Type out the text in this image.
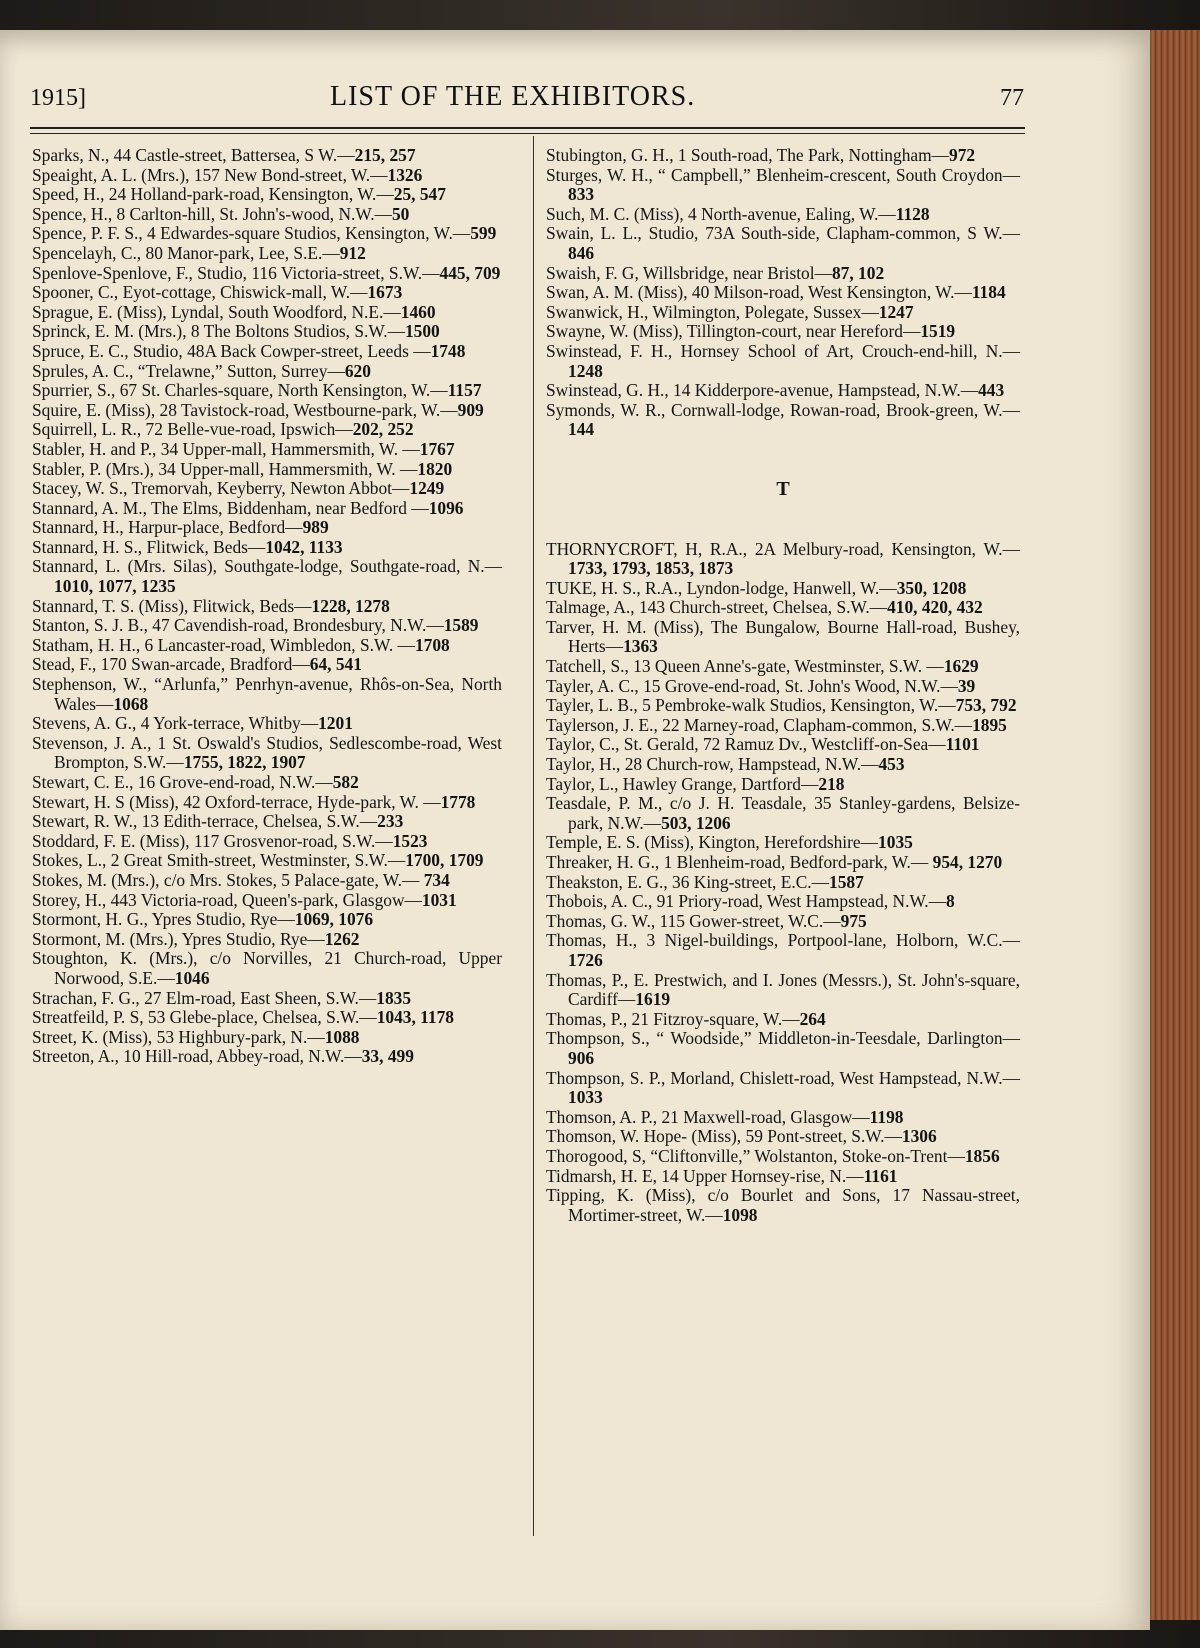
1915]	LIST OF THE EXHIBITORS.	77

Sparks, N., 44 Castle-street, Battersea, S W.—215, 257

Speaight, A. L. (Mrs.), 157 New Bond-street, W.—1326

Speed, H., 24 Holland-park-road, Kensington, W.—25, 547

Spence, H., 8 Carlton-hill, St. John's-wood, N.W.—50

Spence, P. F. S., 4 Edwardes-square Studios, Kensington, W.—599

Spencelayh, C., 80 Manor-park, Lee, S.E.—912

Spenlove-Spenlove, F., Studio, 116 Victoria-street, S.W.—445, 709

Spooner, C., Eyot-cottage, Chiswick-mall, W.—1673

Sprague, E. (Miss), Lyndal, South Woodford, N.E.—1460

Sprinck, E. M. (Mrs.), 8 The Boltons Studios, S.W.—1500

Spruce, E. C., Studio, 48A Back Cowper-street, Leeds —1748

Sprules, A. C., “Trelawne,” Sutton, Surrey—620

Spurrier, S., 67 St. Charles-square, North Kensington, W.—1157

Squire, E. (Miss), 28 Tavistock-road, Westbourne-park, W.—909

Squirrell, L. R., 72 Belle-vue-road, Ipswich—202, 252

Stabler, H. and P., 34 Upper-mall, Hammersmith, W. —1767

Stabler, P. (Mrs.), 34 Upper-mall, Hammersmith, W. —1820

Stacey, W. S., Tremorvah, Keyberry, Newton Abbot—1249

Stannard, A. M., The Elms, Biddenham, near Bedford —1096

Stannard, H., Harpur-place, Bedford—989

Stannard, H. S., Flitwick, Beds—1042, 1133

Stannard, L. (Mrs. Silas), Southgate-lodge, Southgate-road, N.—1010, 1077, 1235

Stannard, T. S. (Miss), Flitwick, Beds—1228, 1278

Stanton, S. J. B., 47 Cavendish-road, Brondesbury, N.W.—1589

Statham, H. H., 6 Lancaster-road, Wimbledon, S.W. —1708

Stead, F., 170 Swan-arcade, Bradford—64, 541

Stephenson, W., “Arlunfa,” Penrhyn-avenue, Rhôs-on-Sea, North Wales—1068

Stevens, A. G., 4 York-terrace, Whitby—1201

Stevenson, J. A., 1 St. Oswald's Studios, Sedlescombe-road, West Brompton, S.W.—1755, 1822, 1907

Stewart, C. E., 16 Grove-end-road, N.W.—582

Stewart, H. S (Miss), 42 Oxford-terrace, Hyde-park, W. —1778

Stewart, R. W., 13 Edith-terrace, Chelsea, S.W.—233

Stoddard, F. E. (Miss), 117 Grosvenor-road, S.W.—1523

Stokes, L., 2 Great Smith-street, Westminster, S.W.—1700, 1709

Stokes, M. (Mrs.), c/o Mrs. Stokes, 5 Palace-gate, W.— 734

Storey, H., 443 Victoria-road, Queen's-park, Glasgow—1031

Stormont, H. G., Ypres Studio, Rye—1069, 1076

Stormont, M. (Mrs.), Ypres Studio, Rye—1262

Stoughton, K. (Mrs.), c/o Norvilles, 21 Church-road, Upper Norwood, S.E.—1046

Strachan, F. G., 27 Elm-road, East Sheen, S.W.—1835

Streatfeild, P. S, 53 Glebe-place, Chelsea, S.W.—1043, 1178

Street, K. (Miss), 53 Highbury-park, N.—1088

Streeton, A., 10 Hill-road, Abbey-road, N.W.—33, 499

Stubington, G. H., 1 South-road, The Park, Nottingham—972

Sturges, W. H., “ Campbell,” Blenheim-crescent, South Croydon—833

Such, M. C. (Miss), 4 North-avenue, Ealing, W.—1128

Swain, L. L., Studio, 73A South-side, Clapham-common, S W.—846

Swaish, F. G, Willsbridge, near Bristol—87, 102

Swan, A. M. (Miss), 40 Milson-road, West Kensington, W.—1184

Swanwick, H., Wilmington, Polegate, Sussex—1247

Swayne, W. (Miss), Tillington-court, near Hereford—1519

Swinstead, F. H., Hornsey School of Art, Crouch-end-hill, N.—1248

Swinstead, G. H., 14 Kidderpore-avenue, Hampstead, N.W.—443

Symonds, W. R., Cornwall-lodge, Rowan-road, Brook-green, W.—144

T

THORNYCROFT, H, R.A., 2A Melbury-road, Kensington, W.—1733, 1793, 1853, 1873

TUKE, H. S., R.A., Lyndon-lodge, Hanwell, W.—350, 1208

Talmage, A., 143 Church-street, Chelsea, S.W.—410, 420, 432

Tarver, H. M. (Miss), The Bungalow, Bourne Hall-road, Bushey, Herts—1363

Tatchell, S., 13 Queen Anne's-gate, Westminster, S.W. —1629

Tayler, A. C., 15 Grove-end-road, St. John's Wood, N.W.—39

Tayler, L. B., 5 Pembroke-walk Studios, Kensington, W.—753, 792

Taylerson, J. E., 22 Marney-road, Clapham-common, S.W.—1895

Taylor, C., St. Gerald, 72 Ramuz Dv., Westcliff-on-Sea—1101

Taylor, H., 28 Church-row, Hampstead, N.W.—453

Taylor, L., Hawley Grange, Dartford—218

Teasdale, P. M., c/o J. H. Teasdale, 35 Stanley-gardens, Belsize-park, N.W.—503, 1206

Temple, E. S. (Miss), Kington, Herefordshire—1035

Threaker, H. G., 1 Blenheim-road, Bedford-park, W.— 954, 1270

Theakston, E. G., 36 King-street, E.C.—1587

Thobois, A. C., 91 Priory-road, West Hampstead, N.W.—8

Thomas, G. W., 115 Gower-street, W.C.—975

Thomas, H., 3 Nigel-buildings, Portpool-lane, Holborn, W.C.—1726

Thomas, P., E. Prestwich, and I. Jones (Messrs.), St. John's-square, Cardiff—1619

Thomas, P., 21 Fitzroy-square, W.—264

Thompson, S., “ Woodside,” Middleton-in-Teesdale, Darlington—906

Thompson, S. P., Morland, Chislett-road, West Hampstead, N.W.—1033

Thomson, A. P., 21 Maxwell-road, Glasgow—1198

Thomson, W. Hope- (Miss), 59 Pont-street, S.W.—1306

Thorogood, S, “Cliftonville,” Wolstanton, Stoke-on-Trent—1856

Tidmarsh, H. E, 14 Upper Hornsey-rise, N.—1161

Tipping, K. (Miss), c/o Bourlet and Sons, 17 Nassau-street, Mortimer-street, W.—1098
